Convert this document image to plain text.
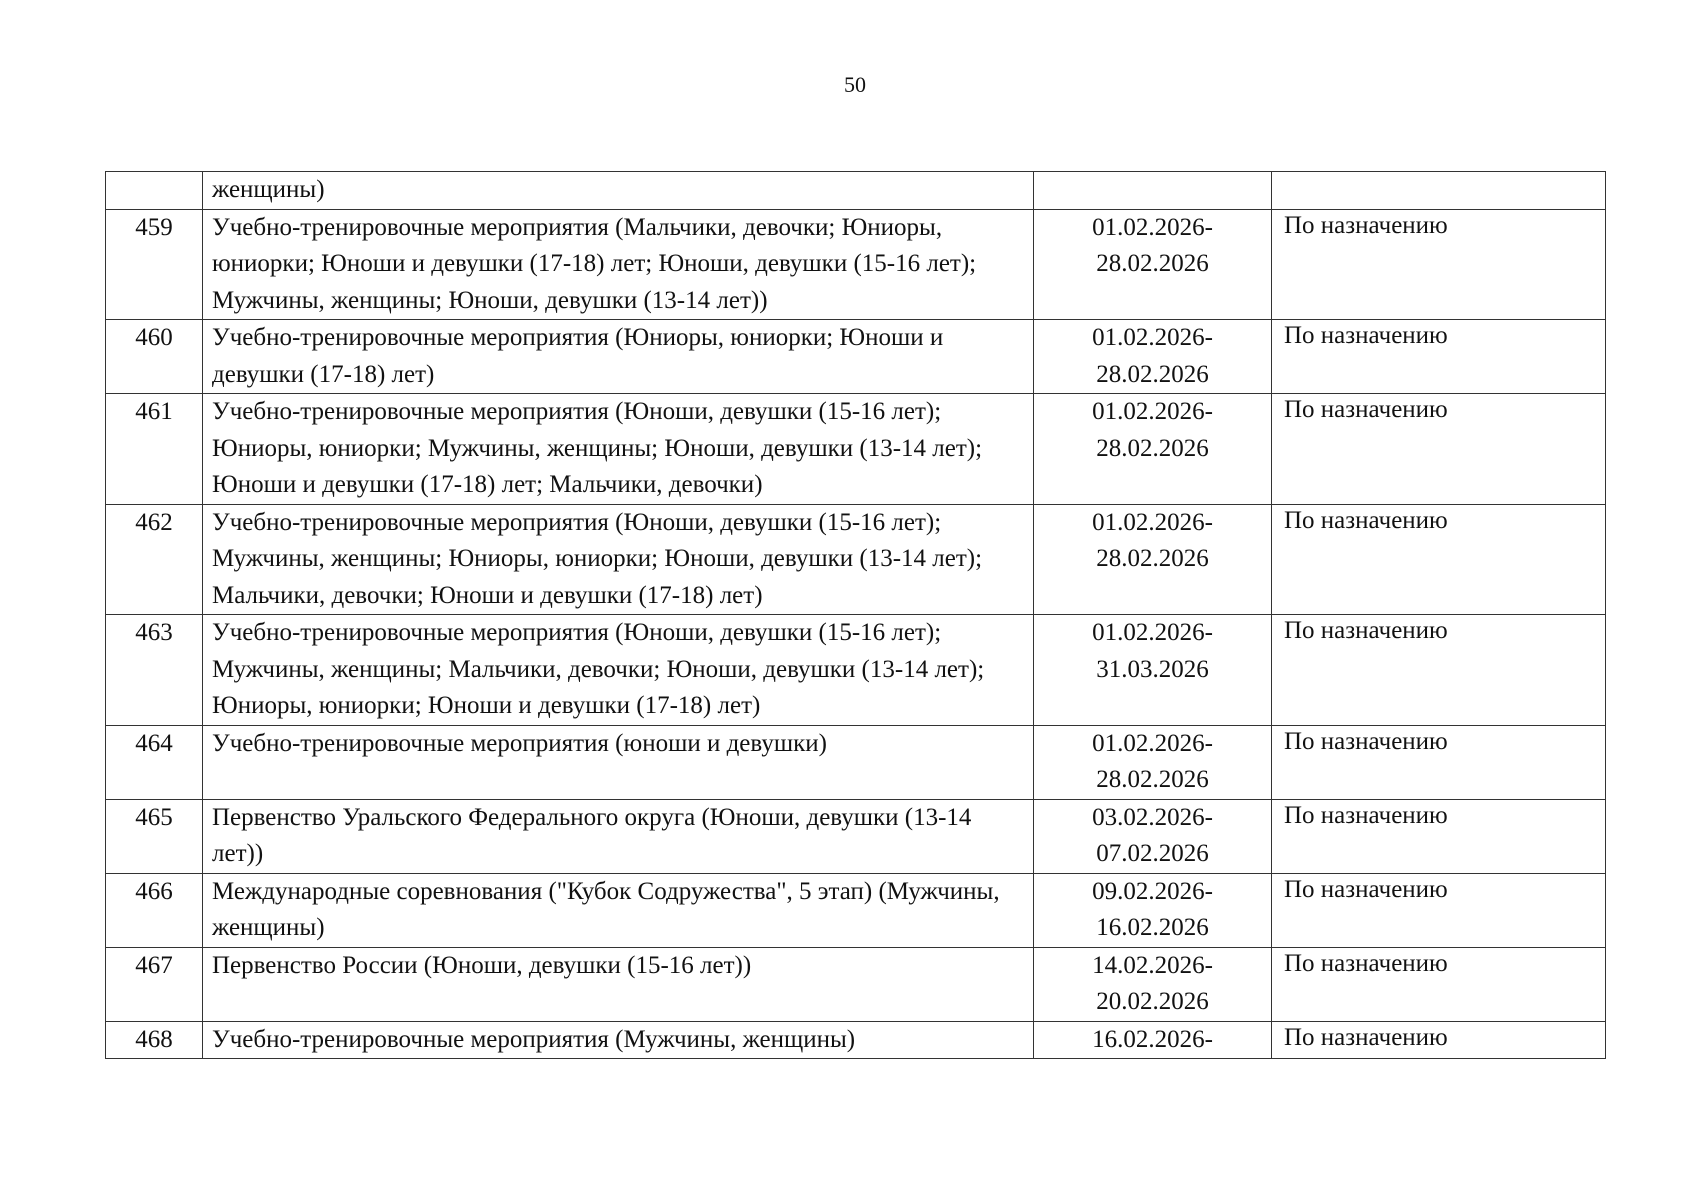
50
	женщины)		
459	Учебно-тренировочные мероприятия (Мальчики, девочки; Юниоры, юниорки; Юноши и девушки (17-18) лет; Юноши, девушки (15-16 лет); Мужчины, женщины; Юноши, девушки (13-14 лет))	01.02.2026-
28.02.2026	По назначению
460	Учебно-тренировочные мероприятия (Юниоры, юниорки; Юноши и девушки (17-18) лет)	01.02.2026-
28.02.2026	По назначению
461	Учебно-тренировочные мероприятия (Юноши, девушки (15-16 лет); Юниоры, юниорки; Мужчины, женщины; Юноши, девушки (13-14 лет); Юноши и девушки (17-18) лет; Мальчики, девочки)	01.02.2026-
28.02.2026	По назначению
462	Учебно-тренировочные мероприятия (Юноши, девушки (15-16 лет); Мужчины, женщины; Юниоры, юниорки; Юноши, девушки (13-14 лет); Мальчики, девочки; Юноши и девушки (17-18) лет)	01.02.2026-
28.02.2026	По назначению
463	Учебно-тренировочные мероприятия (Юноши, девушки (15-16 лет); Мужчины, женщины; Мальчики, девочки; Юноши, девушки (13-14 лет); Юниоры, юниорки; Юноши и девушки (17-18) лет)	01.02.2026-
31.03.2026	По назначению
464	Учебно-тренировочные мероприятия (юноши и девушки)	01.02.2026-
28.02.2026	По назначению
465	Первенство Уральского Федерального округа (Юноши, девушки (13-14 лет))	03.02.2026-
07.02.2026	По назначению
466	Международные соревнования ("Кубок Содружества", 5 этап) (Мужчины, женщины)	09.02.2026-
16.02.2026	По назначению
467	Первенство России (Юноши, девушки (15-16 лет))	14.02.2026-
20.02.2026	По назначению
468	Учебно-тренировочные мероприятия (Мужчины, женщины)	16.02.2026-	По назначению
